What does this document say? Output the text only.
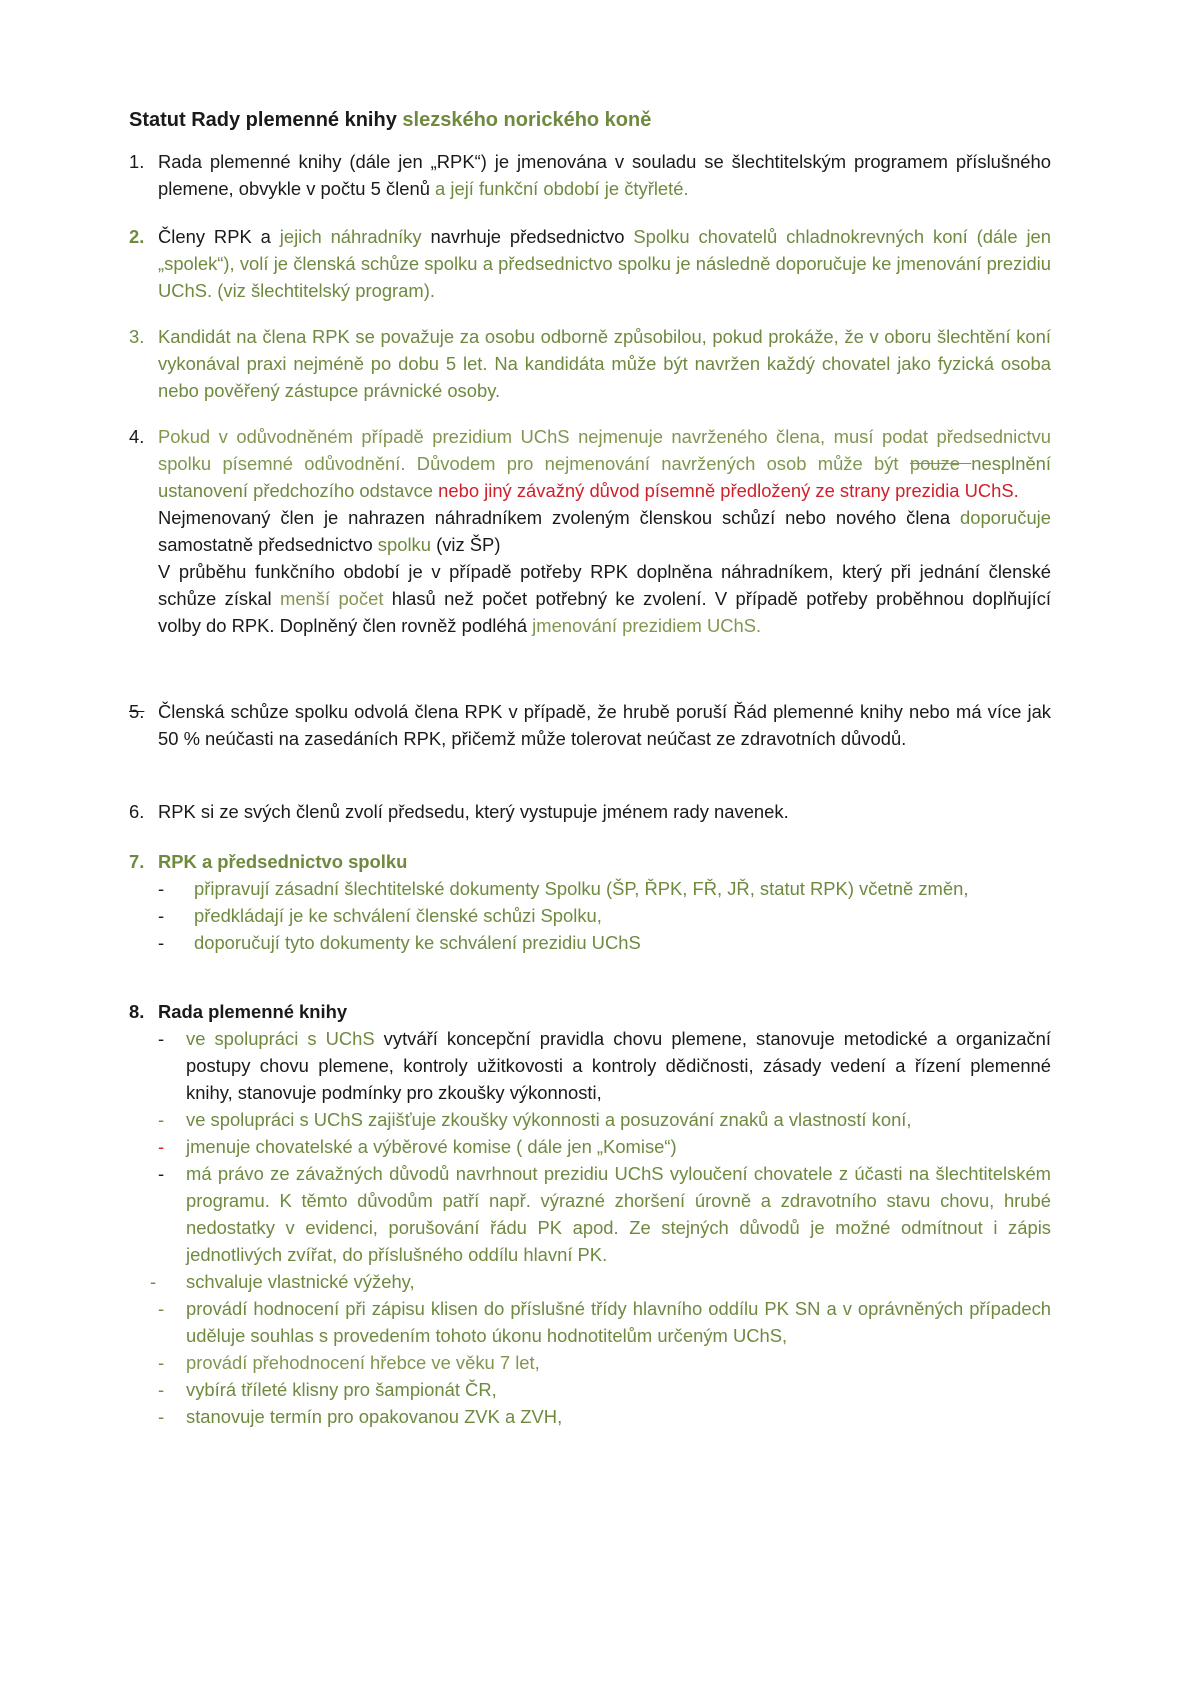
Statut Rady plemenné knihy slezského norického koně
1. Rada plemenné knihy (dále jen „RPK“) je jmenována v souladu se šlechtitelským programem příslušného plemene, obvykle v počtu 5 členů a její funkční období je čtyřleté.
2. Členy RPK a jejich náhradníky navrhuje předsednictvo Spolku chovatelů chladnokrevných koní (dále jen „spolek“), volí je členská schůze spolku a předsednictvo spolku je následně doporučuje ke jmenování prezidiu UChS. (viz šlechtitelský program).
3. Kandidát na člena RPK se považuje za osobu odborně způsobilou, pokud prokáže, že v oboru šlechtění koní vykonával praxi nejméně po dobu 5 let. Na kandidáta může být navržen každý chovatel jako fyzická osoba nebo pověřený zástupce právnické osoby.
4. Pokud v odůvodněném případě prezidium UChS nejmenuje navrženého člena, musí podat předsednictvu spolku písemné odůvodnění. Důvodem pro nejmenování navržených osob může být pouze nesplnění ustanovení předchozího odstavce nebo jiný závažný důvod písemně předložený ze strany prezidia UChS.

Nejmenovaný člen je nahrazen náhradníkem zvoleným členskou schůzí nebo nového člena doporučuje samostatně předsednictvo spolku (viz ŠP)

V průběhu funkčního období je v případě potřeby RPK doplněna náhradníkem, který při jednání členské schůze získal menší počet hlasů než počet potřebný ke zvolení. V případě potřeby proběhnou doplňující volby do RPK. Doplněný člen rovněž podléhá jmenování prezidiem UChS.

5. Členská schůze spolku odvolá člena RPK v případě, že hrubě poruší Řád plemenné knihy nebo má více jak 50 % neúčasti na zasedáních RPK, přičemž může tolerovat neúčast ze zdravotních důvodů.
6. RPK si ze svých členů zvolí předsedu, který vystupuje jménem rady navenek.
7. RPK a předsednictvo spolku
- připravují zásadní šlechtitelské dokumenty Spolku (ŠP, ŘPK, FŘ, JŘ, statut RPK) včetně změn,
- předkládají je ke schválení členské schůzi Spolku,
- doporučují tyto dokumenty ke schválení prezidiu UChS
8. Rada plemenné knihy
- ve spolupráci s UChS vytváří koncepční pravidla chovu plemene, stanovuje metodické a organizační postupy chovu plemene, kontroly užitkovosti a kontroly dědičnosti, zásady vedení a řízení plemenné knihy, stanovuje podmínky pro zkoušky výkonnosti,
- ve spolupráci s UChS zajišťuje zkoušky výkonnosti a posuzování znaků a vlastností koní,
- jmenuje chovatelské a výběrové komise ( dále jen „Komise“)
- má právo ze závažných důvodů navrhnout prezidiu UChS vyloučení chovatele z účasti na šlechtitelském programu. K těmto důvodům patří např. výrazné zhoršení úrovně a zdravotního stavu chovu, hrubé nedostatky v evidenci, porušování řádu PK apod. Ze stejných důvodů je možné odmítnout i zápis jednotlivých zvířat, do příslušného oddílu hlavní PK.
- schvaluje vlastnické výžehy,
- provádí hodnocení při zápisu klisen do příslušné třídy hlavního oddílu PK SN a v oprávněných případech uděluje souhlas s provedením tohoto úkonu hodnotitelům určeným UChS,
- provádí přehodnocení hřebce ve věku 7 let,
- vybírá tříleté klisny pro šampionát ČR,
- stanovuje termín pro opakovanou ZVK a ZVH,
